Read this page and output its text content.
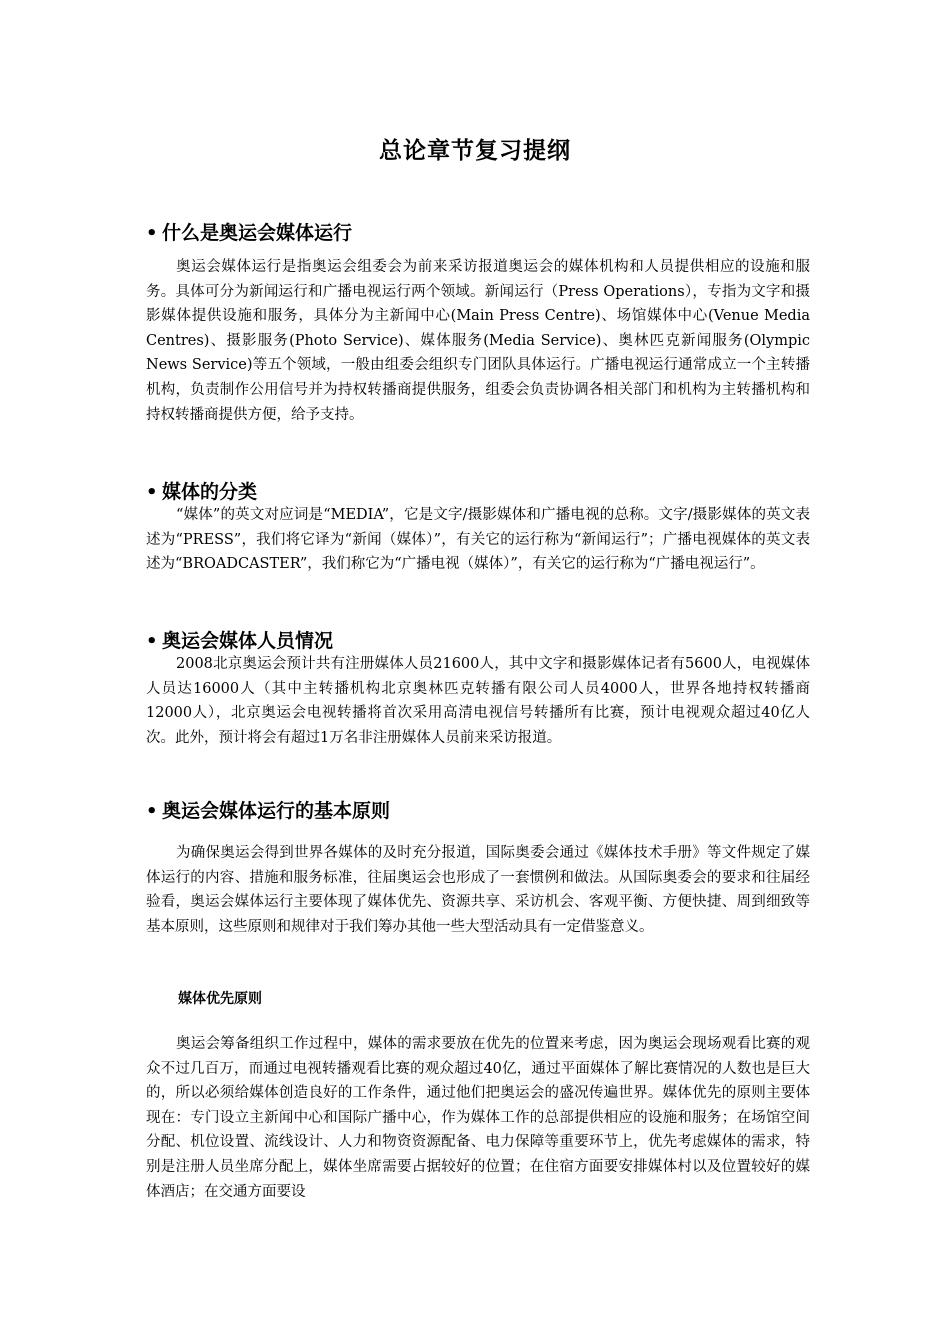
总论章节复习提纲
• 什么是奥运会媒体运行

奥运会媒体运行是指奥运会组委会为前来采访报道奥运会的媒体机构和人员提供相应的设施和服务。具体可分为新闻运行和广播电视运行两个领域。新闻运行（Press Operations），专指为文字和摄影媒体提供设施和服务，具体分为主新闻中心(Main Press Centre)、场馆媒体中心(Venue Media Centres)、摄影服务(Photo Service)、媒体服务(Media Service)、奥林匹克新闻服务(Olympic News Service)等五个领域，一般由组委会组织专门团队具体运行。广播电视运行通常成立一个主转播机构，负责制作公用信号并为持权转播商提供服务，组委会负责协调各相关部门和机构为主转播机构和持权转播商提供方便，给予支持。

• 媒体的分类

“媒体”的英文对应词是“MEDIA”，它是文字/摄影媒体和广播电视的总称。文字/摄影媒体的英文表述为“PRESS”，我们将它译为“新闻（媒体）”，有关它的运行称为“新闻运行”；广播电视媒体的英文表述为“BROADCASTER”，我们称它为“广播电视（媒体）”，有关它的运行称为“广播电视运行”。

• 奥运会媒体人员情况

2008北京奥运会预计共有注册媒体人员21600人，其中文字和摄影媒体记者有5600人，电视媒体人员达16000人（其中主转播机构北京奥林匹克转播有限公司人员4000人，世界各地持权转播商12000人），北京奥运会电视转播将首次采用高清电视信号转播所有比赛，预计电视观众超过40亿人次。此外，预计将会有超过1万名非注册媒体人员前来采访报道。

• 奥运会媒体运行的基本原则

为确保奥运会得到世界各媒体的及时充分报道，国际奥委会通过《媒体技术手册》等文件规定了媒体运行的内容、措施和服务标准，往届奥运会也形成了一套惯例和做法。从国际奥委会的要求和往届经验看，奥运会媒体运行主要体现了媒体优先、资源共享、采访机会、客观平衡、方便快捷、周到细致等基本原则，这些原则和规律对于我们筹办其他一些大型活动具有一定借鉴意义。

媒体优先原则

奥运会筹备组织工作过程中，媒体的需求要放在优先的位置来考虑，因为奥运会现场观看比赛的观众不过几百万，而通过电视转播观看比赛的观众超过40亿，通过平面媒体了解比赛情况的人数也是巨大的，所以必须给媒体创造良好的工作条件，通过他们把奥运会的盛况传遍世界。媒体优先的原则主要体现在：专门设立主新闻中心和国际广播中心，作为媒体工作的总部提供相应的设施和服务；在场馆空间分配、机位设置、流线设计、人力和物资资源配备、电力保障等重要环节上，优先考虑媒体的需求，特别是注册人员坐席分配上，媒体坐席需要占据较好的位置；在住宿方面要安排媒体村以及位置较好的媒体酒店；在交通方面要设
